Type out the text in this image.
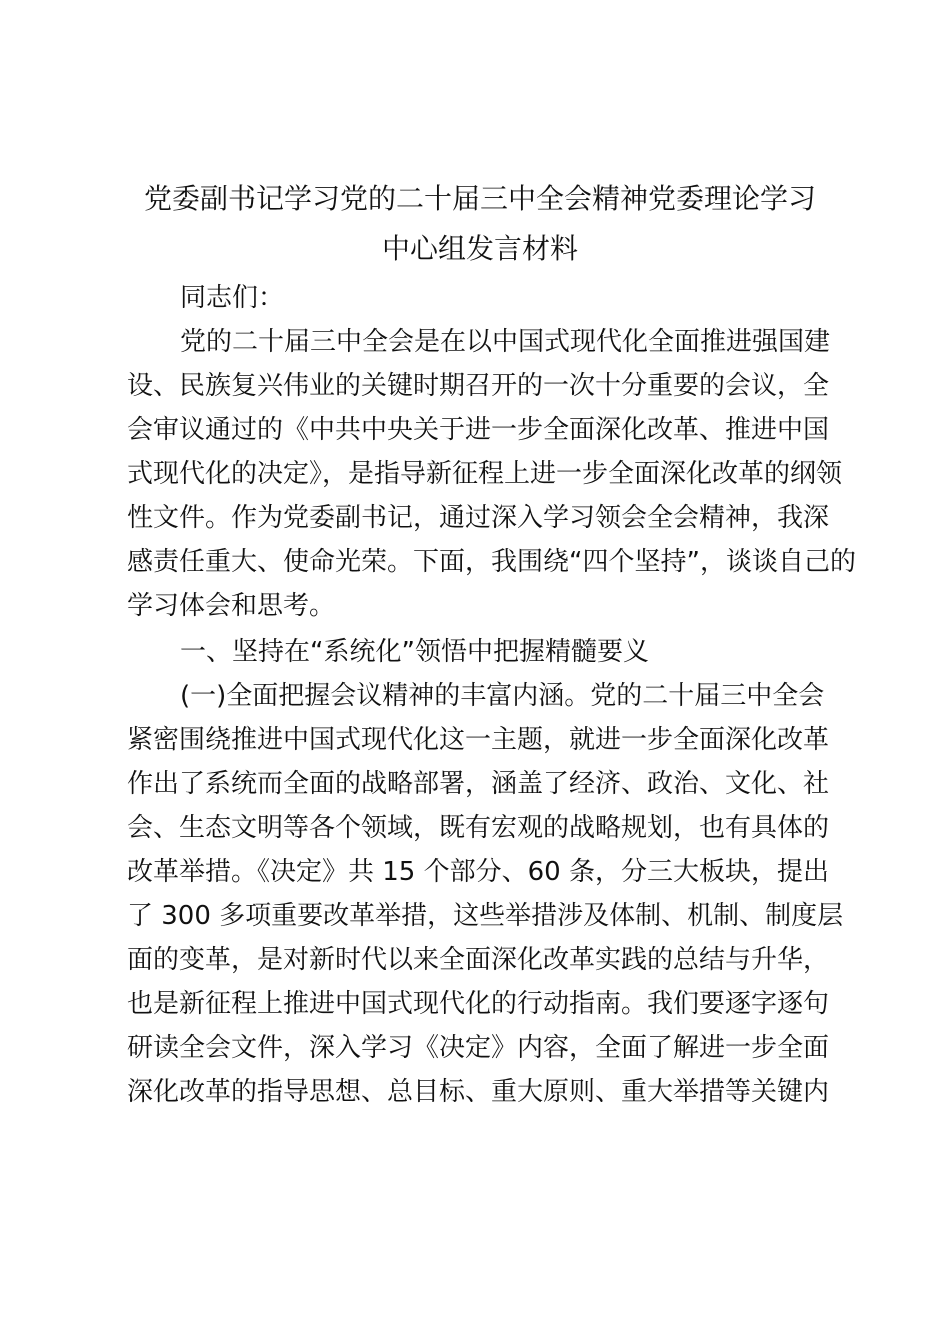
党委副书记学习党的二十届三中全会精神党委理论学习
中心组发言材料
同志们：
党的二十届三中全会是在以中国式现代化全面推进强国建
设、民族复兴伟业的关键时期召开的一次十分重要的会议，全
会审议通过的《中共中央关于进一步全面深化改革、推进中国
式现代化的决定》，是指导新征程上进一步全面深化改革的纲领
性文件。作为党委副书记，通过深入学习领会全会精神，我深
感责任重大、使命光荣。下面，我围绕“四个坚持”，谈谈自己的
学习体会和思考。
一、坚持在“系统化”领悟中把握精髓要义
(一)全面把握会议精神的丰富内涵。党的二十届三中全会
紧密围绕推进中国式现代化这一主题，就进一步全面深化改革
作出了系统而全面的战略部署，涵盖了经济、政治、文化、社
会、生态文明等各个领域，既有宏观的战略规划，也有具体的
改革举措。《决定》共 15 个部分、60 条，分三大板块，提出
了 300 多项重要改革举措，这些举措涉及体制、机制、制度层
面的变革，是对新时代以来全面深化改革实践的总结与升华，
也是新征程上推进中国式现代化的行动指南。我们要逐字逐句
研读全会文件，深入学习《决定》内容，全面了解进一步全面
深化改革的指导思想、总目标、重大原则、重大举措等关键内
